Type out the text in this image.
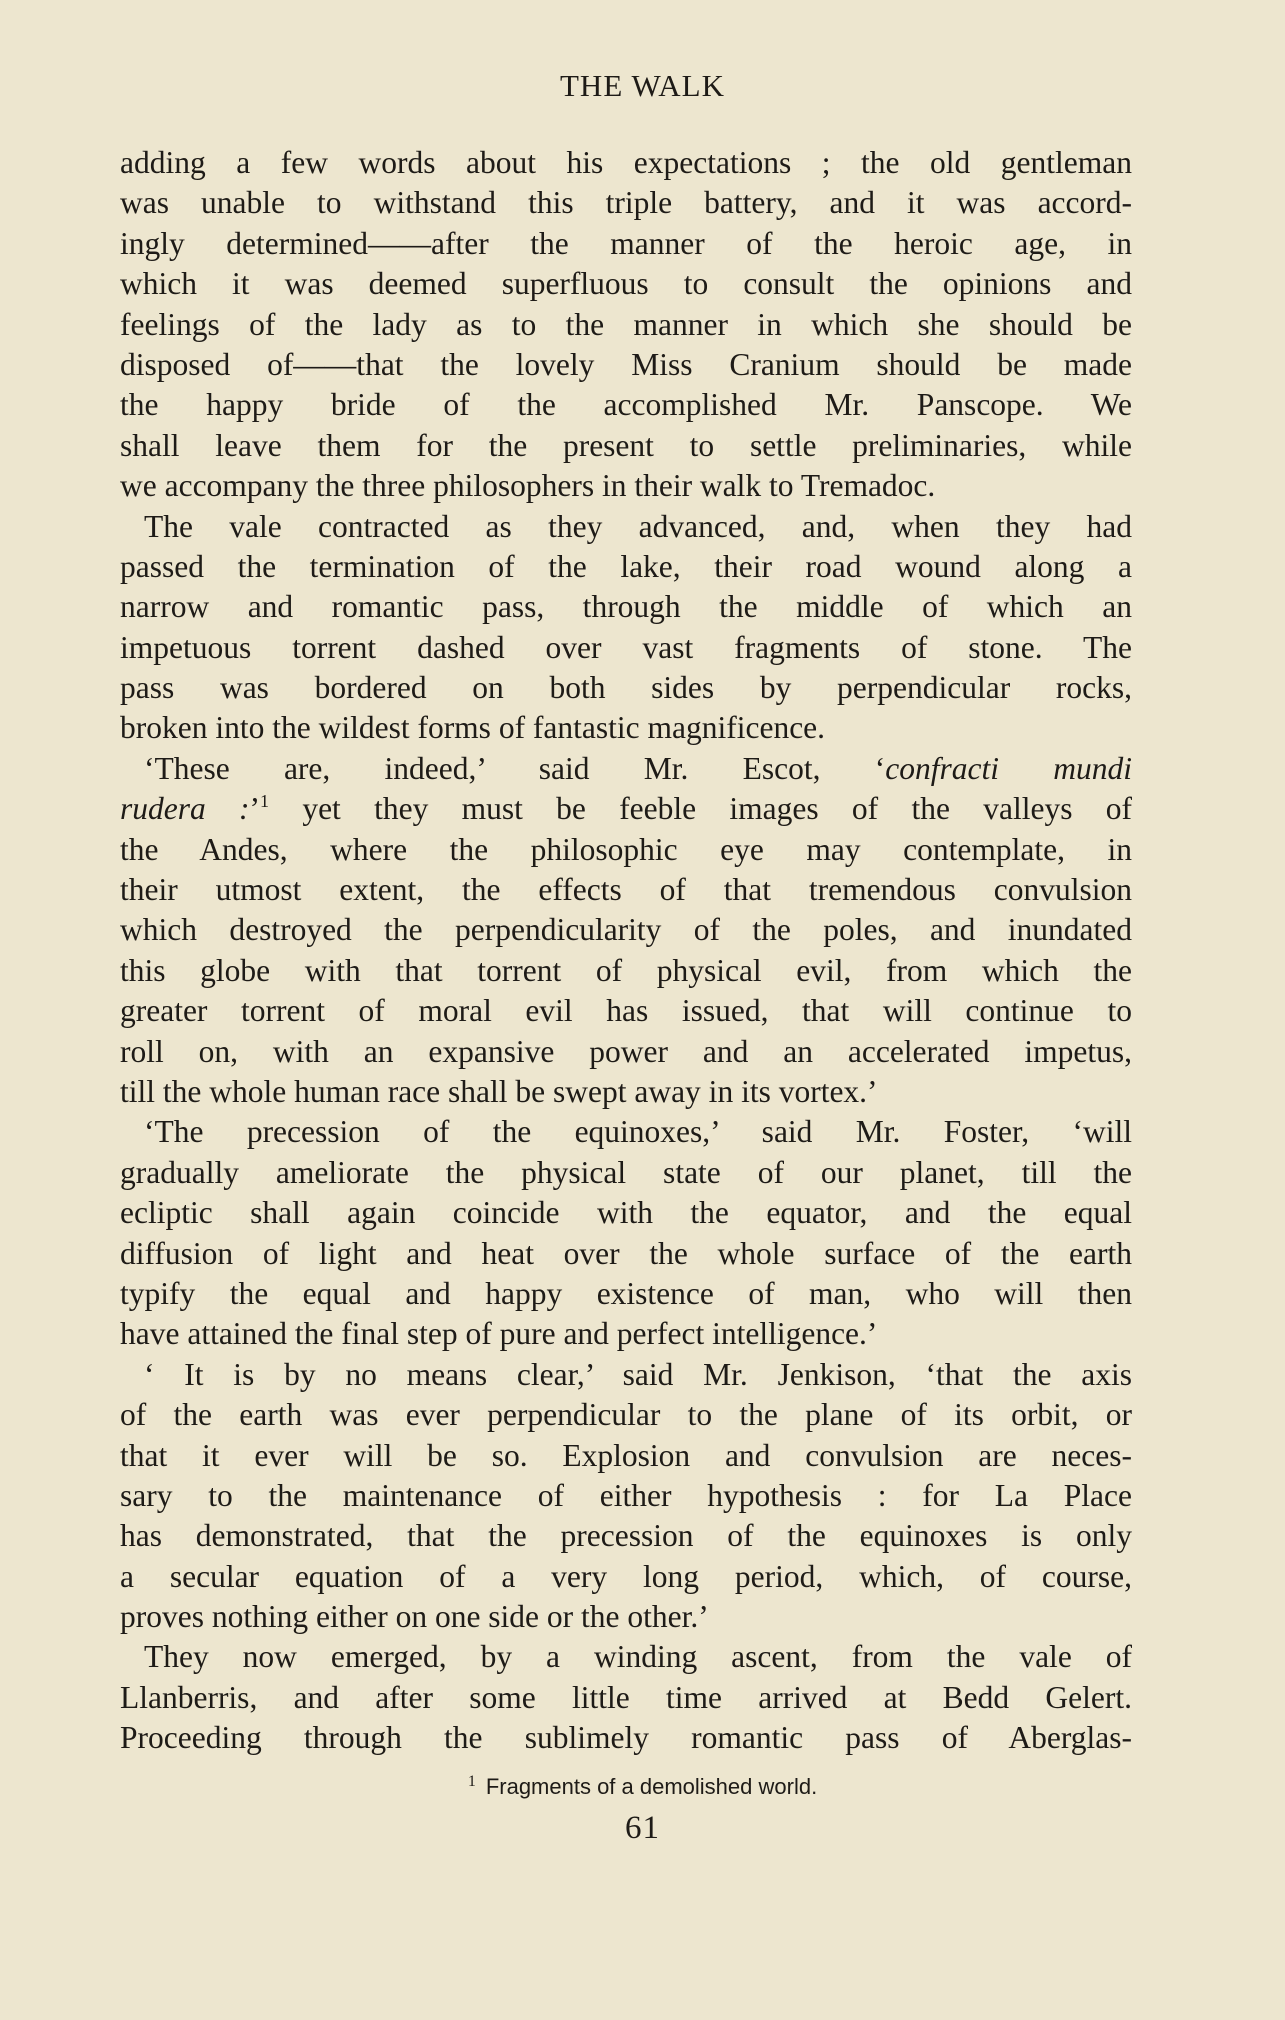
THE WALK
adding a few words about his expectations ; the old gentleman
was unable to withstand this triple battery, and it was accord-
ingly determined——after the manner of the heroic age, in
which it was deemed superfluous to consult the opinions and
feelings of the lady as to the manner in which she should be
disposed of——that the lovely Miss Cranium should be made
the happy bride of the accomplished Mr. Panscope. We
shall leave them for the present to settle preliminaries, while
we accompany the three philosophers in their walk to Tremadoc.
The vale contracted as they advanced, and, when they had
passed the termination of the lake, their road wound along a
narrow and romantic pass, through the middle of which an
impetuous torrent dashed over vast fragments of stone. The
pass was bordered on both sides by perpendicular rocks,
broken into the wildest forms of fantastic magnificence.
‘These are, indeed,’ said Mr. Escot, ‘confracti mundi
rudera :’$^1$ yet they must be feeble images of the valleys of
the Andes, where the philosophic eye may contemplate, in
their utmost extent, the effects of that tremendous convulsion
which destroyed the perpendicularity of the poles, and inundated
this globe with that torrent of physical evil, from which the
greater torrent of moral evil has issued, that will continue to
roll on, with an expansive power and an accelerated impetus,
till the whole human race shall be swept away in its vortex.’
‘The precession of the equinoxes,’ said Mr. Foster, ‘will
gradually ameliorate the physical state of our planet, till the
ecliptic shall again coincide with the equator, and the equal
diffusion of light and heat over the whole surface of the earth
typify the equal and happy existence of man, who will then
have attained the final step of pure and perfect intelligence.’
‘ It is by no means clear,’ said Mr. Jenkison, ‘that the axis
of the earth was ever perpendicular to the plane of its orbit, or
that it ever will be so. Explosion and convulsion are neces-
sary to the maintenance of either hypothesis : for La Place
has demonstrated, that the precession of the equinoxes is only
a secular equation of a very long period, which, of course,
proves nothing either on one side or the other.’
They now emerged, by a winding ascent, from the vale of
Llanberris, and after some little time arrived at Bedd Gelert.
Proceeding through the sublimely romantic pass of Aberglas-
$^1$ Fragments of a demolished world.
61
